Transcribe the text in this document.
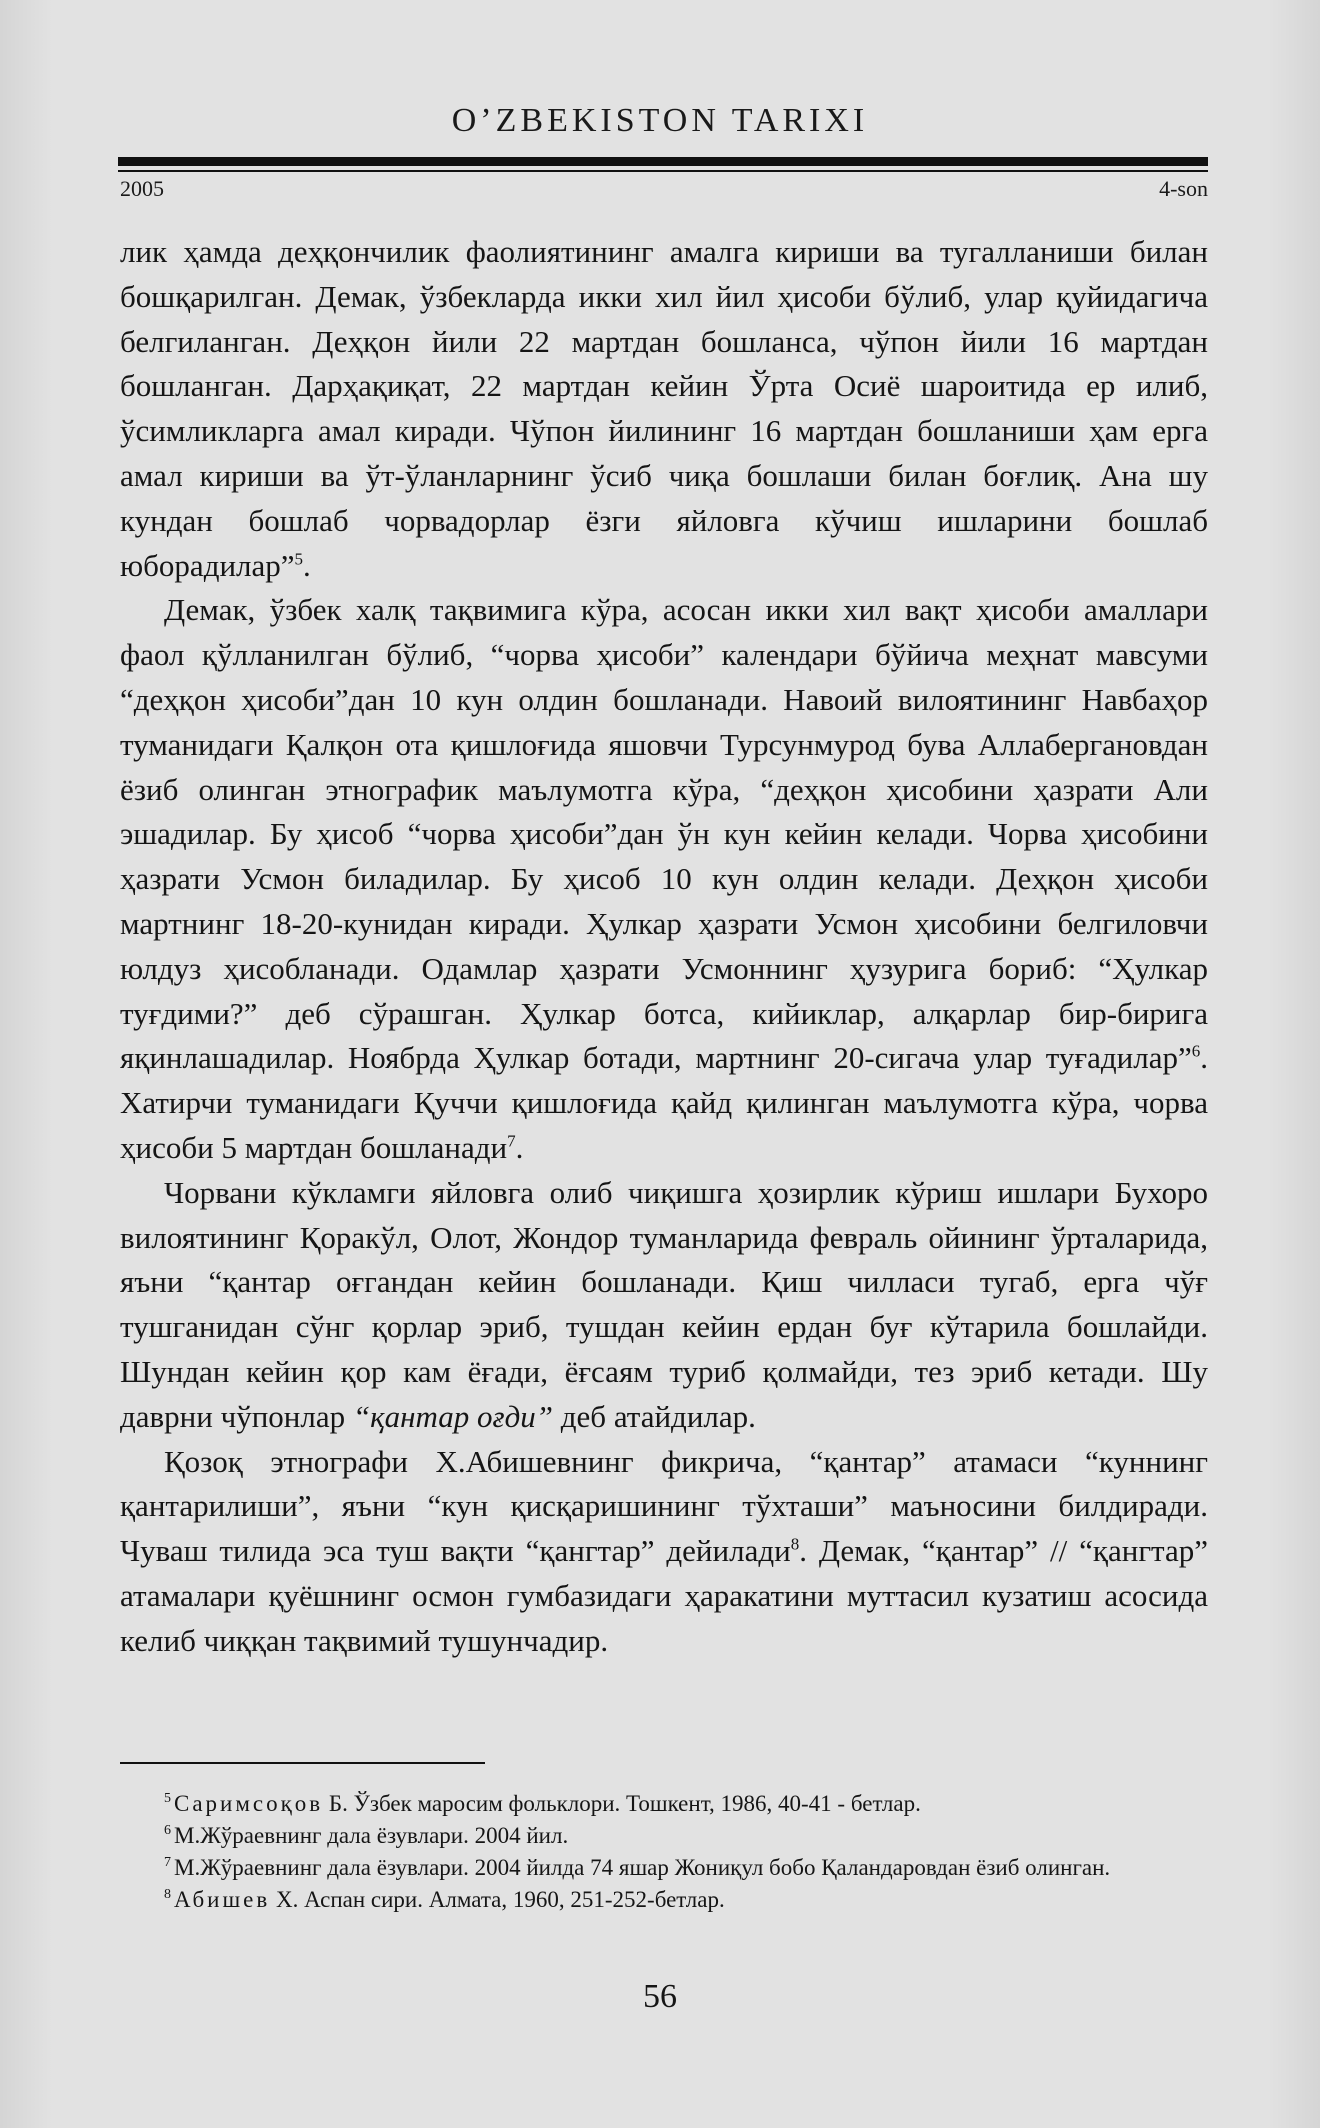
O’ZBEKISTON TARIXI
2005	4-son

лик ҳамда деҳқончилик фаолиятининг амалга кириши ва тугалланиши билан бошқарилган. Демак, ўзбекларда икки хил йил ҳисоби бўлиб, улар қуйидагича белгиланган. Деҳқон йили 22 мартдан бошланса, чўпон йили 16 мартдан бошланган. Дарҳақиқат, 22 мартдан кейин Ўрта Осиё шароитида ер илиб, ўсимликларга амал киради. Чўпон йилининг 16 мартдан бошланиши ҳам ерга амал кириши ва ўт-ўланларнинг ўсиб чиқа бошлаши билан боғлиқ. Ана шу кундан бошлаб чорвадорлар ёзги яйловга кўчиш ишларини бошлаб юборадилар”$^5$.

Демак, ўзбек халқ тақвимига кўра, асосан икки хил вақт ҳисоби амаллари фаол қўлланилган бўлиб, “чорва ҳисоби” календари бўйича меҳнат мавсуми “деҳқон ҳисоби”дан 10 кун олдин бошланади. Навоий вилоятининг Навбаҳор туманидаги Қалқон ота қишлоғида яшовчи Турсунмурод бува Аллабергановдан ёзиб олинган этнографик маълумотга кўра, “деҳқон ҳисобини ҳазрати Али эшадилар. Бу ҳисоб “чорва ҳисоби”дан ўн кун кейин келади. Чорва ҳисобини ҳазрати Усмон биладилар. Бу ҳисоб 10 кун олдин келади. Деҳқон ҳисоби мартнинг 18-20-кунидан киради. Ҳулкар ҳазрати Усмон ҳисобини белгиловчи юлдуз ҳисобланади. Одамлар ҳазрати Усмоннинг ҳузурига бориб: “Ҳулкар туғдими?” деб сўрашган. Ҳулкар ботса, кийиклар, алқарлар бир-бирига яқинлашадилар. Ноябрда Ҳулкар ботади, мартнинг 20-сигача улар туғадилар”$^6$. Хатирчи туманидаги Қуччи қишлоғида қайд қилинган маълумотга кўра, чорва ҳисоби 5 мартдан бошланади$^7$.

Чорвани кўкламги яйловга олиб чиқишга ҳозирлик кўриш ишлари Бухоро вилоятининг Қоракўл, Олот, Жондор туманларида февраль ойининг ўрталарида, яъни “қантар оғгандан кейин бошланади. Қиш чилласи тугаб, ерга чўғ тушганидан сўнг қорлар эриб, тушдан кейин ердан буғ кўтарила бошлайди. Шундан кейин қор кам ёғади, ёғсаям туриб қолмайди, тез эриб кетади. Шу даврни чўпонлар “қантар оғди” деб атайдилар.

Қозоқ этнографи Х.Абишевнинг фикрича, “қантар” атамаси “куннинг қантарилиши”, яъни “кун қисқаришининг тўхташи” маъносини билдиради. Чуваш тилида эса туш вақти “қангтар” дейилади$^8$. Демак, “қантар” // “қангтар” атамалари қуёшнинг осмон гумбазидаги ҳаракатини муттасил кузатиш асосида келиб чиққан тақвимий тушунчадир.

$^5$ Саримсоқов Б. Ўзбек маросим фольклори. Тошкент, 1986, 40-41 - бетлар.

$^6$ М.Жўраевнинг дала ёзувлари. 2004 йил.

$^7$ М.Жўраевнинг дала ёзувлари. 2004 йилда 74 яшар Жониқул бобо Қаландаровдан ёзиб олинган.

$^8$ Абишев Х. Аспан сири. Алмата, 1960, 251-252-бетлар.

56
